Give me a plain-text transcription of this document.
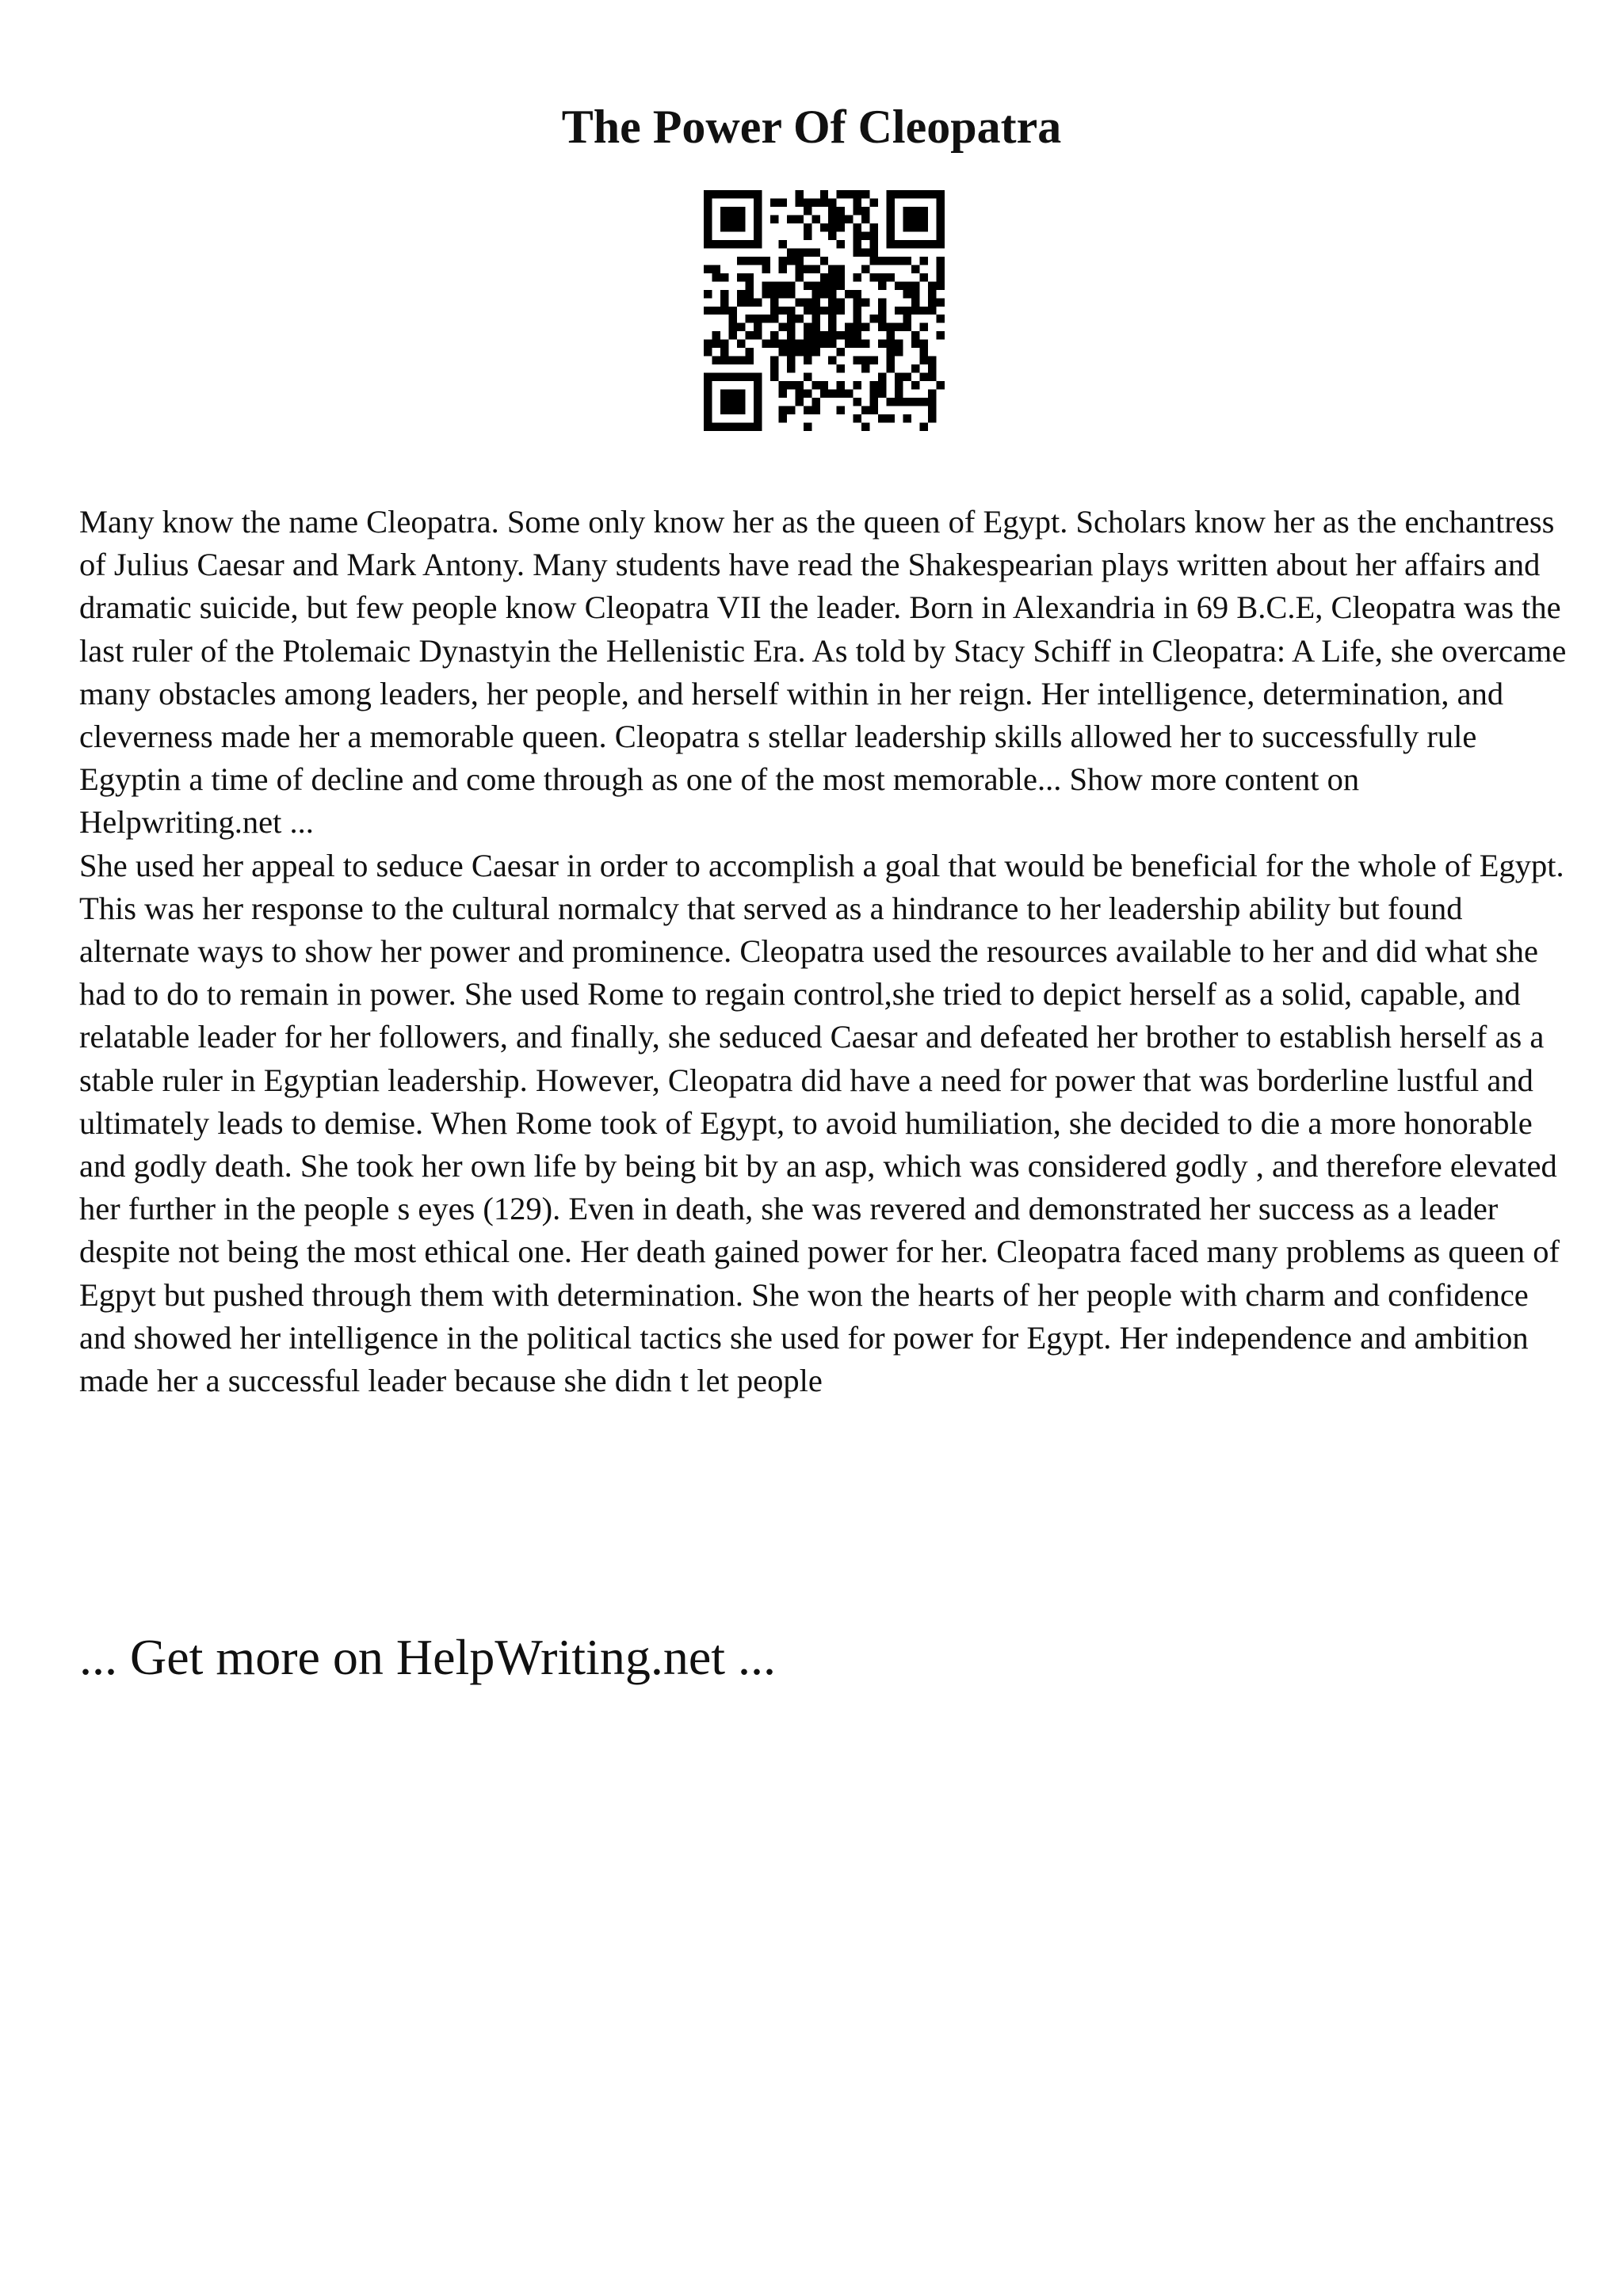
The Power Of Cleopatra

Many know the name Cleopatra. Some only know her as the queen of Egypt. Scholars know her as the enchantress of Julius Caesar and Mark Antony. Many students have read the Shakespearian plays written about her affairs and dramatic suicide, but few people know Cleopatra VII the leader. Born in Alexandria in 69 B.C.E, Cleopatra was the last ruler of the Ptolemaic Dynastyin the Hellenistic Era. As told by Stacy Schiff in Cleopatra: A Life, she overcame many obstacles among leaders, her people, and herself within in her reign. Her intelligence, determination, and cleverness made her a memorable queen. Cleopatra s stellar leadership skills allowed her to successfully rule Egyptin a time of decline and come through as one of the most memorable... Show more content on Helpwriting.net ...

She used her appeal to seduce Caesar in order to accomplish a goal that would be beneficial for the whole of Egypt. This was her response to the cultural normalcy that served as a hindrance to her leadership ability but found alternate ways to show her power and prominence. Cleopatra used the resources available to her and did what she had to do to remain in power. She used Rome to regain control,she tried to depict herself as a solid, capable, and relatable leader for her followers, and finally, she seduced Caesar and defeated her brother to establish herself as a stable ruler in Egyptian leadership. However, Cleopatra did have a need for power that was borderline lustful and ultimately leads to demise. When Rome took of Egypt, to avoid humiliation, she decided to die a more honorable and godly death. She took her own life by being bit by an asp, which was considered godly , and therefore elevated her further in the people s eyes (129). Even in death, she was revered and demonstrated her success as a leader despite not being the most ethical one. Her death gained power for her. Cleopatra faced many problems as queen of Egpyt but pushed through them with determination. She won the hearts of her people with charm and confidence and showed her intelligence in the political tactics she used for power for Egypt. Her independence and ambition made her a successful leader because she didn t let people

... Get more on HelpWriting.net ...
